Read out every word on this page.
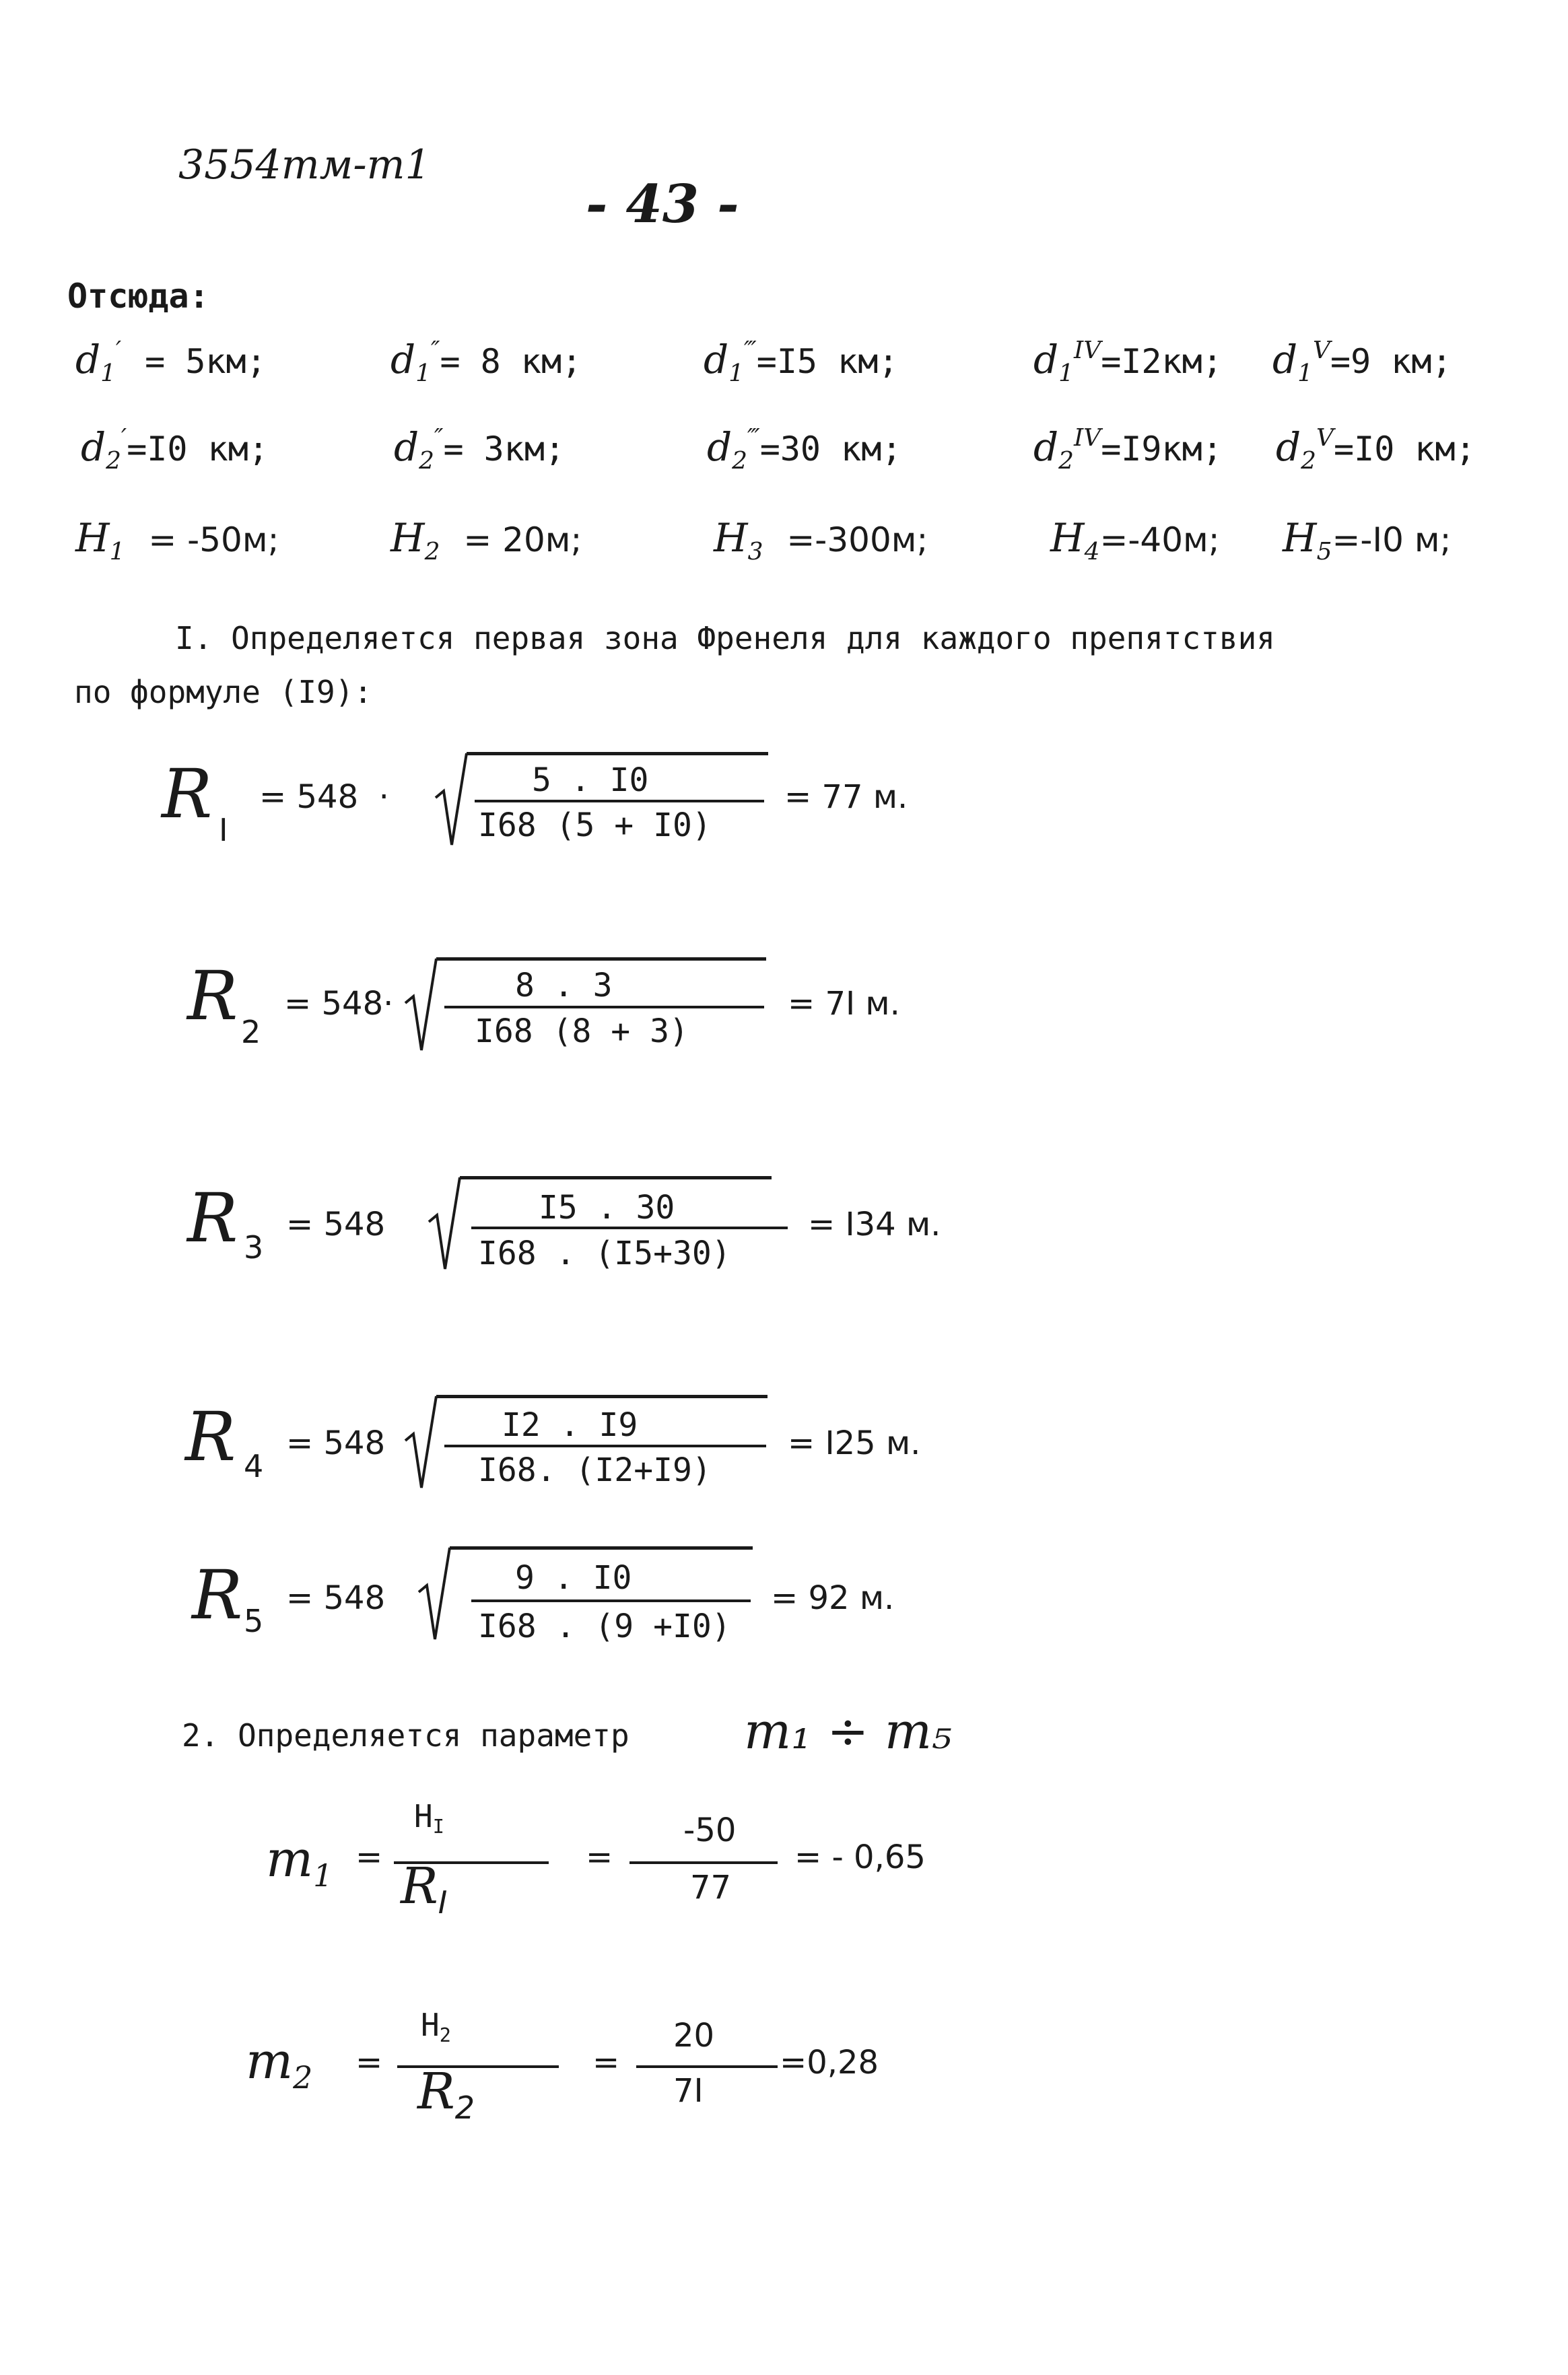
3554тм-т1
- 43 -
Отсюда:
d1′ = 5км;	d1″= 8 км;	d1‴=I5 км;	$d1^{IV}=I2км$; $d1^V=9$ км;
d2′=I0 км;	d2″= 3км;	d2‴=30 км;	$d2^{IV}=I9км$; $d2^V=I0$ км;
H1 = -50м;	H2 = 20м;	H3 =-300м;	H4=-40м; H5=-I0 м;
I. Определяется первая зона Френеля для каждого препятствия
по формуле (I9):
R I
= 548  ·	5 . I0
I68 (5 + I0)
= 77 м.
R 2
= 548·	8 . 3
I68 (8 + 3)
= 7I м.
R 3
= 548	I5 . 30
I68 . (I5+30)
= I34 м.
R 4
= 548	I2 . I9
I68. (I2+I9)
= I25 м.
R 5
= 548
9 . I0
I68 . (9 +I0)
= 92 м.
2. Определяется параметр m₁ ÷ m₅
m1 =
HI
RI
=
-50
77
= - 0,65
m2 =
H2
R2
=
20
7I
=0,28
